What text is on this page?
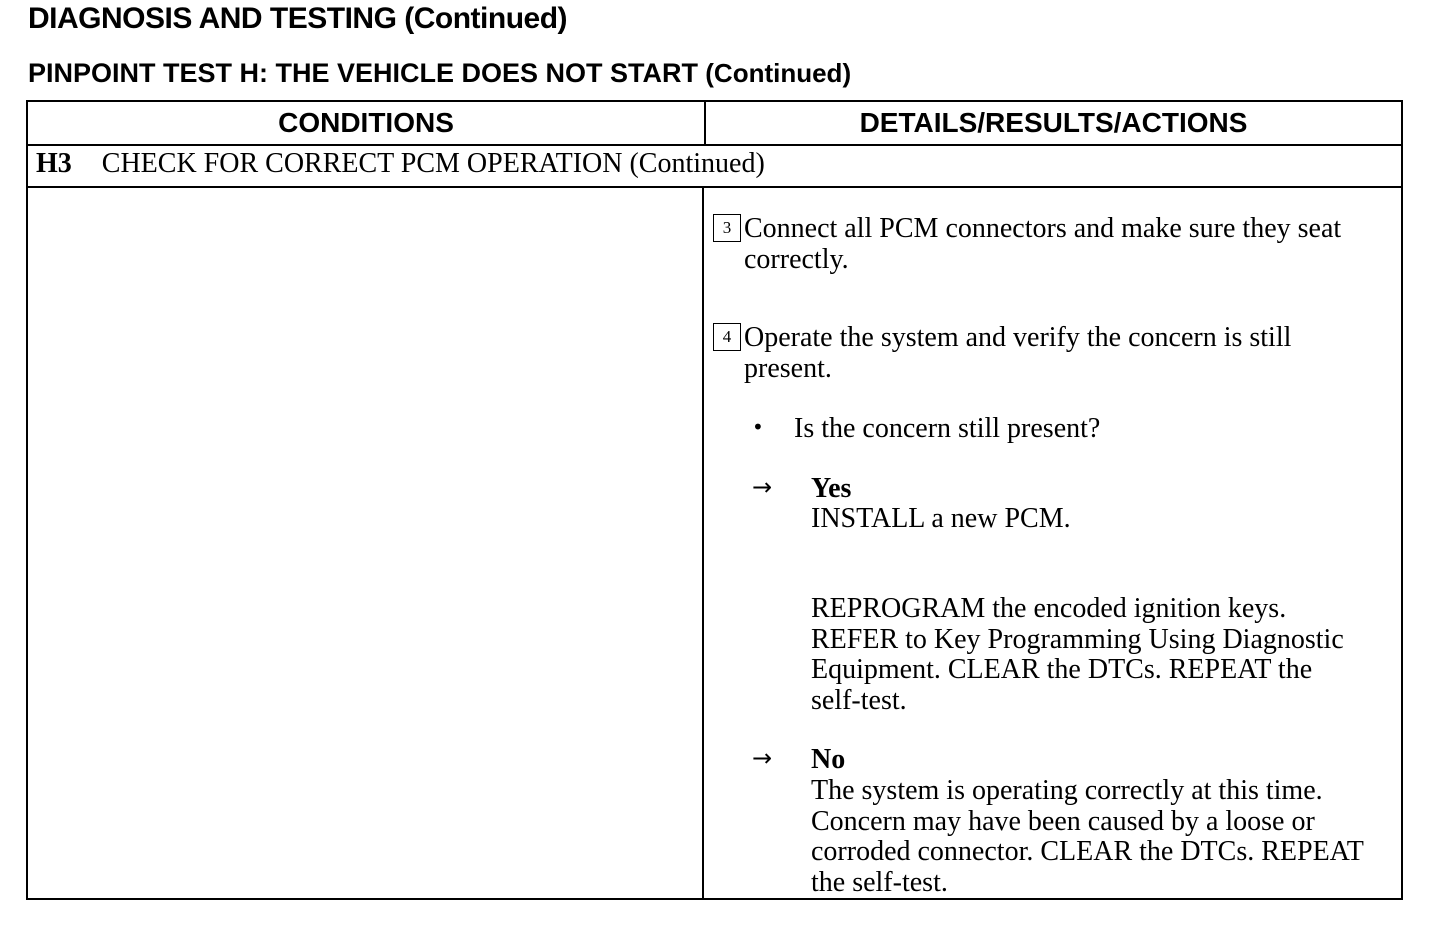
DIAGNOSIS AND TESTING (Continued)
PINPOINT TEST H: THE VEHICLE DOES NOT START (Continued)
CONDITIONS	DETAILS/RESULTS/ACTIONS
H3 CHECK FOR CORRECT PCM OPERATION (Continued)
3 Connect all PCM connectors and make sure they seat correctly.
4 Operate the system and verify the concern is still present.
• Is the concern still present?
→ Yes
INSTALL a new PCM.
REPROGRAM the encoded ignition keys. REFER to Key Programming Using Diagnostic Equipment. CLEAR the DTCs. REPEAT the self-test.
→ No
The system is operating correctly at this time. Concern may have been caused by a loose or corroded connector. CLEAR the DTCs. REPEAT the self-test.
